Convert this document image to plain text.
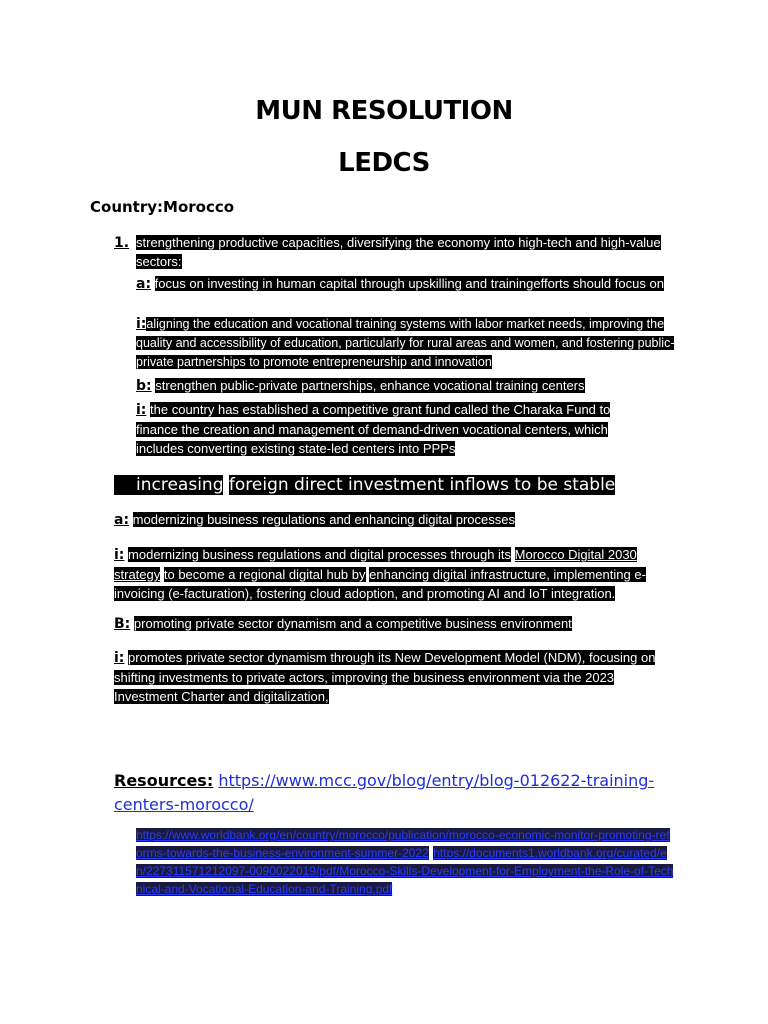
MUN RESOLUTION
LEDCS
Country:Morocco
1. strengthening productive capacities, diversifying the economy into high-tech and high-value sectors:
a: focus on investing in human capital through upskilling and trainingefforts should focus on
i:aligning the education and vocational training systems with labor market needs, improving the quality and accessibility of education, particularly for rural areas and women, and fostering public-private partnerships to promote entrepreneurship and innovation
b: strengthen public-private partnerships, enhance vocational training centers
i: the country has established a competitive grant fund called the Charaka Fund to finance the creation and management of demand-driven vocational centers, which includes converting existing state-led centers into PPPs
increasing foreign direct investment inflows to be stable
a: modernizing business regulations and enhancing digital processes
i: modernizing business regulations and digital processes through its Morocco Digital 2030 strategy to become a regional digital hub by enhancing digital infrastructure, implementing e-invoicing (e-facturation), fostering cloud adoption, and promoting AI and IoT integration.
B: promoting private sector dynamism and a competitive business environment
i: promotes private sector dynamism through its New Development Model (NDM), focusing on shifting investments to private actors, improving the business environment via the 2023 Investment Charter and digitalization,
Resources: https://www.mcc.gov/blog/entry/blog-012622-training-centers-morocco/
https://www.worldbank.org/en/country/morocco/publication/morocco-economic-monitor-promoting-reforms-towards-the-business-environment-summer-2022 https://documents1.worldbank.org/curated/en/227311571212097-0090022019/pdf/Morocco-Skills-Development-for-Employment-the-Role-of-Technical-and-Vocational-Education-and-Training.pdf
